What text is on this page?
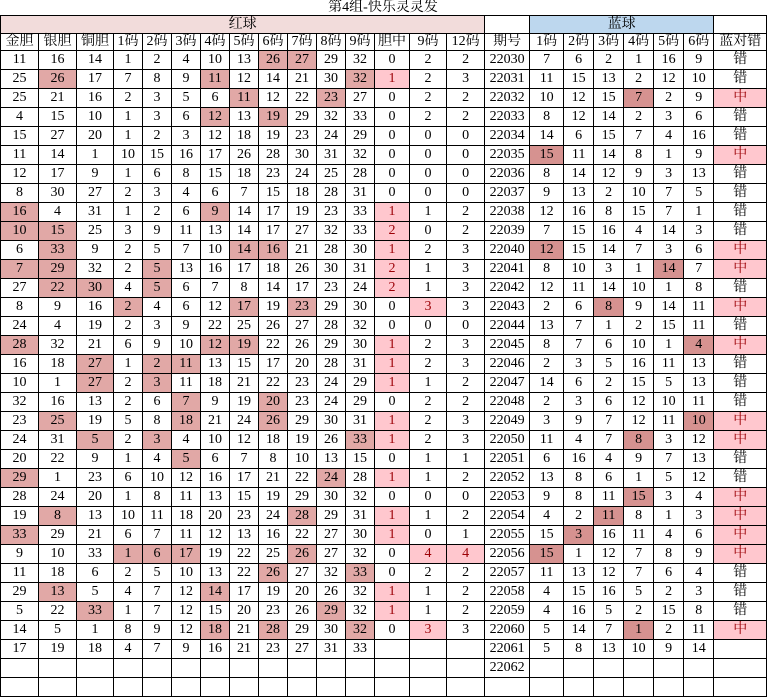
第4组-快乐灵灵发
红球																蓝球						
金胆	银胆	铜胆	1码	2码	3码	4码	5码	6码	7码	8码	9码	胆中	9码	12码	期号	1码	2码	3码	4码	5码	6码	蓝对错
11	16	14	1	2	4	10	13	26	27	29	32	0	2	2	22030	7	6	2	1	16	9	错
25	26	17	7	8	9	11	12	14	21	30	32	1	2	3	22031	11	15	13	2	12	10	错
25	21	16	2	3	5	6	11	12	22	23	27	0	2	2	22032	10	12	15	7	2	9	中
4	15	10	1	3	6	12	13	19	29	32	33	0	2	2	22033	8	12	14	2	3	6	错
15	27	20	1	2	3	12	18	19	23	24	29	0	0	0	22034	14	6	15	7	4	16	错
11	14	1	10	15	16	17	26	28	30	31	32	0	0	0	22035	15	11	14	8	1	9	中
12	17	9	1	6	8	15	18	23	24	25	28	0	0	0	22036	8	14	12	9	3	13	错
8	30	27	2	3	4	6	7	15	18	28	31	0	0	0	22037	9	13	2	10	7	5	错
16	4	31	1	2	6	9	14	17	19	23	33	1	1	2	22038	12	16	8	15	7	1	错
10	15	25	3	9	11	13	14	17	27	32	33	2	0	2	22039	7	15	16	4	14	3	错
6	33	9	2	5	7	10	14	16	21	28	30	1	2	3	22040	12	15	14	7	3	6	中
7	29	32	2	5	13	16	17	18	26	30	31	2	1	3	22041	8	10	3	1	14	7	中
27	22	30	4	5	6	7	8	14	17	23	24	2	1	3	22042	12	11	14	10	1	8	错
8	9	16	2	4	6	12	17	19	23	29	30	0	3	3	22043	2	6	8	9	14	11	中
24	4	19	2	3	9	22	25	26	27	28	32	0	0	0	22044	13	7	1	2	15	11	错
28	32	21	6	9	10	12	19	22	26	29	30	1	2	3	22045	8	7	6	10	1	4	中
16	18	27	1	2	11	13	15	17	20	28	31	1	2	3	22046	2	3	5	16	11	13	错
10	1	27	2	3	11	18	21	22	23	24	29	1	1	2	22047	14	6	2	15	5	13	错
32	16	13	2	6	7	9	19	20	23	24	29	0	2	2	22048	2	3	6	12	10	11	错
23	25	19	5	8	18	21	24	26	29	30	31	1	2	3	22049	3	9	7	12	11	10	中
24	31	5	2	3	4	10	12	18	19	26	33	1	2	3	22050	11	4	7	8	3	12	中
20	22	9	1	4	5	6	7	8	10	13	15	0	1	1	22051	6	16	4	9	7	13	错
29	1	23	6	10	12	16	17	21	22	24	28	1	1	2	22052	13	8	6	1	5	12	错
28	24	20	1	8	11	13	15	19	29	30	32	0	0	0	22053	9	8	11	15	3	4	中
19	8	13	10	11	18	20	23	24	28	29	31	1	1	2	22054	4	2	11	8	1	3	中
33	29	21	6	7	11	12	13	16	22	27	30	1	0	1	22055	15	3	16	11	4	6	中
9	10	33	1	6	17	19	22	25	26	27	32	0	4	4	22056	15	1	12	7	8	9	中
11	18	6	2	5	10	13	22	26	27	32	33	0	2	2	22057	11	13	12	7	6	4	错
29	13	5	4	7	12	14	17	19	20	26	32	1	1	2	22058	4	15	16	5	2	3	错
5	22	33	1	7	12	15	20	23	26	29	32	1	1	2	22059	4	16	5	2	15	8	错
14	5	1	8	9	12	18	21	28	29	30	32	0	3	3	22060	5	14	7	1	2	11	中
17	19	18	4	7	9	16	21	23	27	31	33				22061	5	8	13	10	9	14	
															22062							
